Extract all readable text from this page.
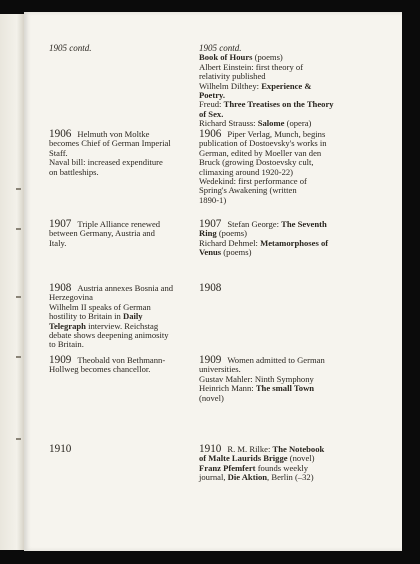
1905 contd.	1905 contd.
Book of Hours (poems)
Albert Einstein: first theory of
relativity published
Wilhelm Dilthey: Experience &
Poetry.
Freud: Three Treatises on the Theory
of Sex.
Richard Strauss: Salome (opera)
1906 Helmuth von Moltke
becomes Chief of German Imperial
Staff.
Naval bill: increased expenditure
on battleships.
1906 Piper Verlag, Munch, begins
publication of Dostoevsky's works in
German, edited by Moeller van den
Bruck (growing Dostoevsky cult,
climaxing around 1920-22)
Wedekind: first performance of
Spring's Awakening (written
1890-1)
1907 Triple Alliance renewed
between Germany, Austria and
Italy.
1907 Stefan George: The Seventh
Ring (poems)
Richard Dehmel: Metamorphoses of
Venus (poems)
1908 Austria annexes Bosnia and
Herzegovina
Wilhelm II speaks of German
hostility to Britain in Daily
Telegraph interview. Reichstag
debate shows deepening animosity
to Britain.
1908
1909 Theobald von Bethmann-
Hollweg becomes chancellor.
1909 Women admitted to German
universities.
Gustav Mahler: Ninth Symphony
Heinrich Mann: The small Town
(novel)
1910	1910 R. M. Rilke: The Notebook
of Malte Laurids Brigge (novel)
Franz Pfemfert founds weekly
journal, Die Aktion, Berlin (–32)
